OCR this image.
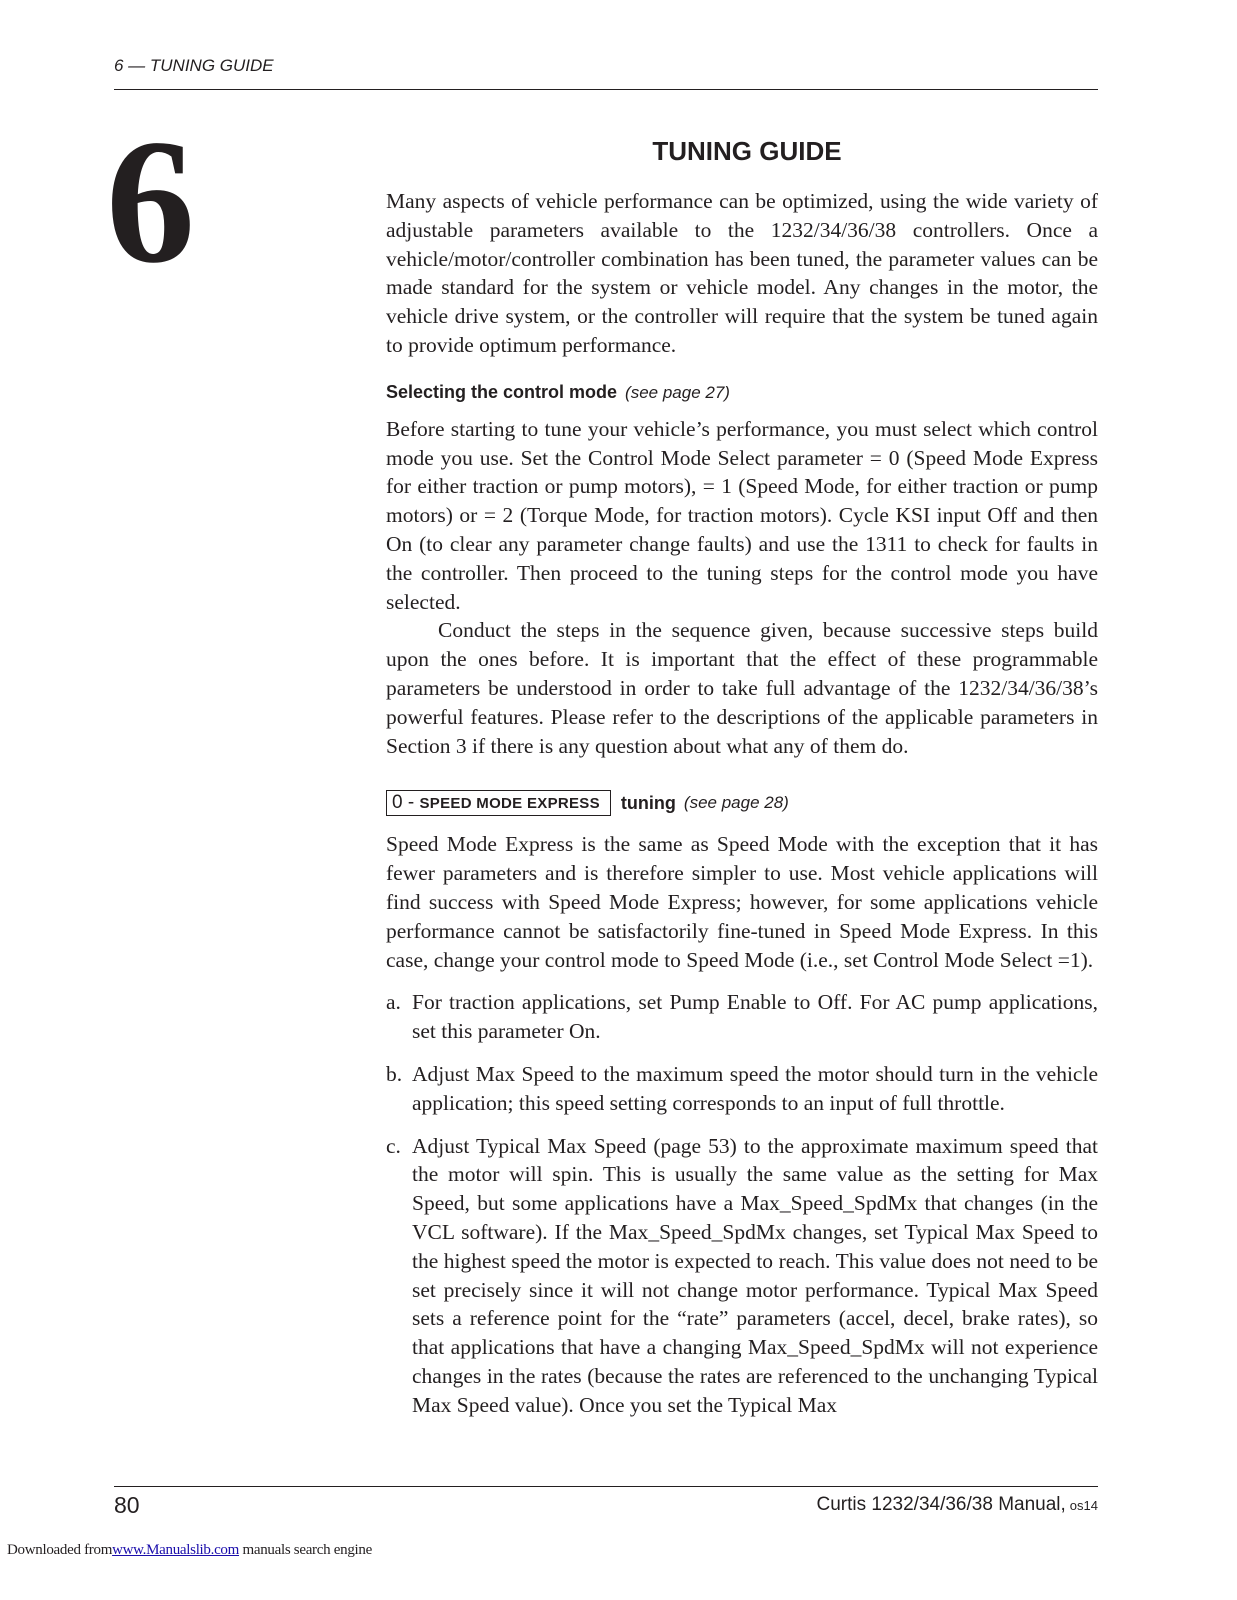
6 — TUNING GUIDE
6	TUNING GUIDE

Many aspects of vehicle performance can be optimized, using the wide variety of adjustable parameters available to the 1232/34/36/38 controllers. Once a vehicle/motor/controller combination has been tuned, the parameter values can be made standard for the system or vehicle model. Any changes in the motor, the vehicle drive system, or the controller will require that the system be tuned again to provide optimum performance.

Selecting the control mode (see page 27)

Before starting to tune your vehicle’s performance, you must select which control mode you use. Set the Control Mode Select parameter = 0 (Speed Mode Express for either traction or pump motors), = 1 (Speed Mode, for either traction or pump motors) or = 2 (Torque Mode, for traction motors). Cycle KSI input Off and then On (to clear any parameter change faults) and use the 1311 to check for faults in the controller. Then proceed to the tuning steps for the control mode you have selected.

Conduct the steps in the sequence given, because successive steps build upon the ones before. It is important that the effect of these programmable parameters be understood in order to take full advantage of the 1232/34/36/38’s powerful features. Please refer to the descriptions of the applicable parameters in Section 3 if there is any question about what any of them do.

0 - SPEED MODE EXPRESS	tuning (see page 28)

Speed Mode Express is the same as Speed Mode with the exception that it has fewer parameters and is therefore simpler to use. Most vehicle applications will find success with Speed Mode Express; however, for some applications vehicle performance cannot be satisfactorily fine-tuned in Speed Mode Express. In this case, change your control mode to Speed Mode (i.e., set Control Mode Select =1).

a. For traction applications, set Pump Enable to Off. For AC pump applications, set this parameter On.

b. Adjust Max Speed to the maximum speed the motor should turn in the vehicle application; this speed setting corresponds to an input of full throttle.

c. Adjust Typical Max Speed (page 53) to the approximate maximum speed that the motor will spin. This is usually the same value as the setting for Max Speed, but some applications have a Max_Speed_SpdMx that changes (in the VCL software). If the Max_Speed_SpdMx changes, set Typical Max Speed to the highest speed the motor is expected to reach. This value does not need to be set precisely since it will not change motor performance. Typical Max Speed sets a reference point for the “rate” parameters (accel, decel, brake rates), so that applications that have a changing Max_Speed_SpdMx will not experience changes in the rates (because the rates are referenced to the unchanging Typical Max Speed value). Once you set the Typical Max

80	Curtis 1232/34/36/38 Manual, os14
Downloaded fromwww.Manualslib.com manuals search engine
